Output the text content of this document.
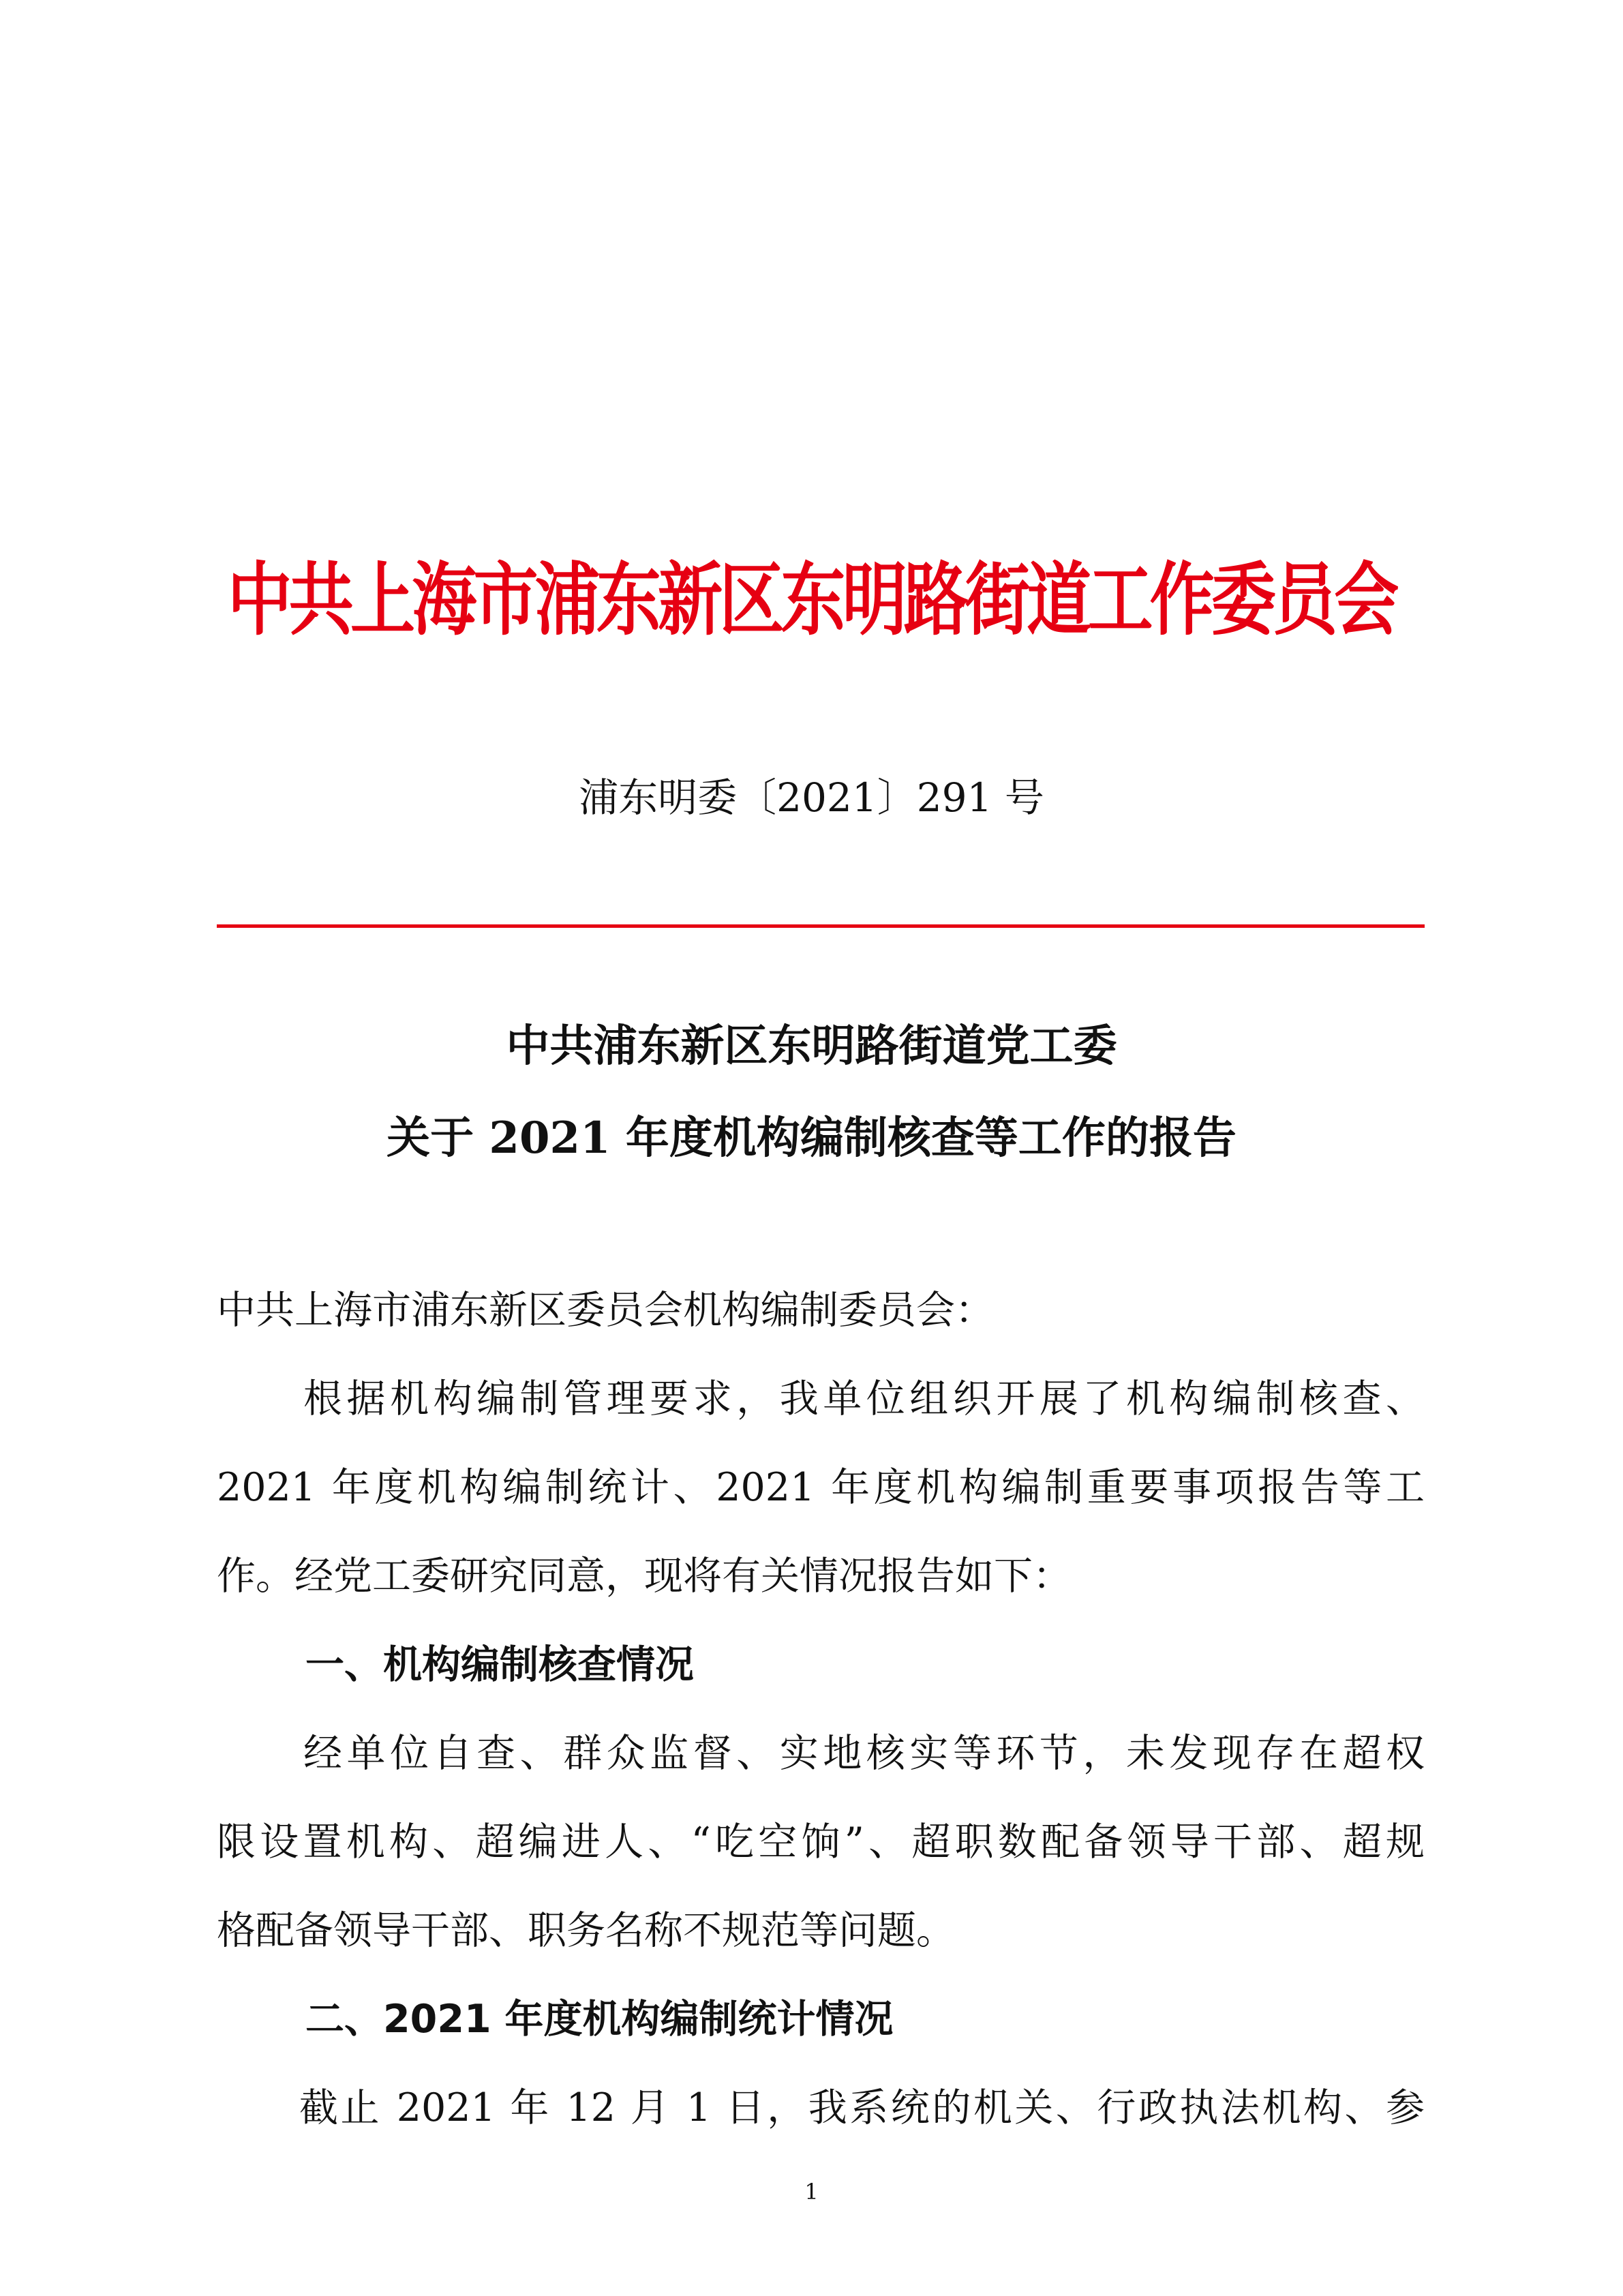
中共上海市浦东新区东明路街道工作委员会
浦东明委〔2021〕291 号
中共浦东新区东明路街道党工委
关于 2021 年度机构编制核查等工作的报告
中共上海市浦东新区委员会机构编制委员会：
　　根据机构编制管理要求，我单位组织开展了机构编制核查、
2021 年度机构编制统计、2021 年度机构编制重要事项报告等工
作。经党工委研究同意，现将有关情况报告如下：
一、机构编制核查情况
　　经单位自查、群众监督、实地核实等环节，未发现存在超权
限设置机构、超编进人、“吃空饷”、超职数配备领导干部、超规
格配备领导干部、职务名称不规范等问题。
二、2021 年度机构编制统计情况
　　截止 2021 年 12 月 1 日，我系统的机关、行政执法机构、参
1
